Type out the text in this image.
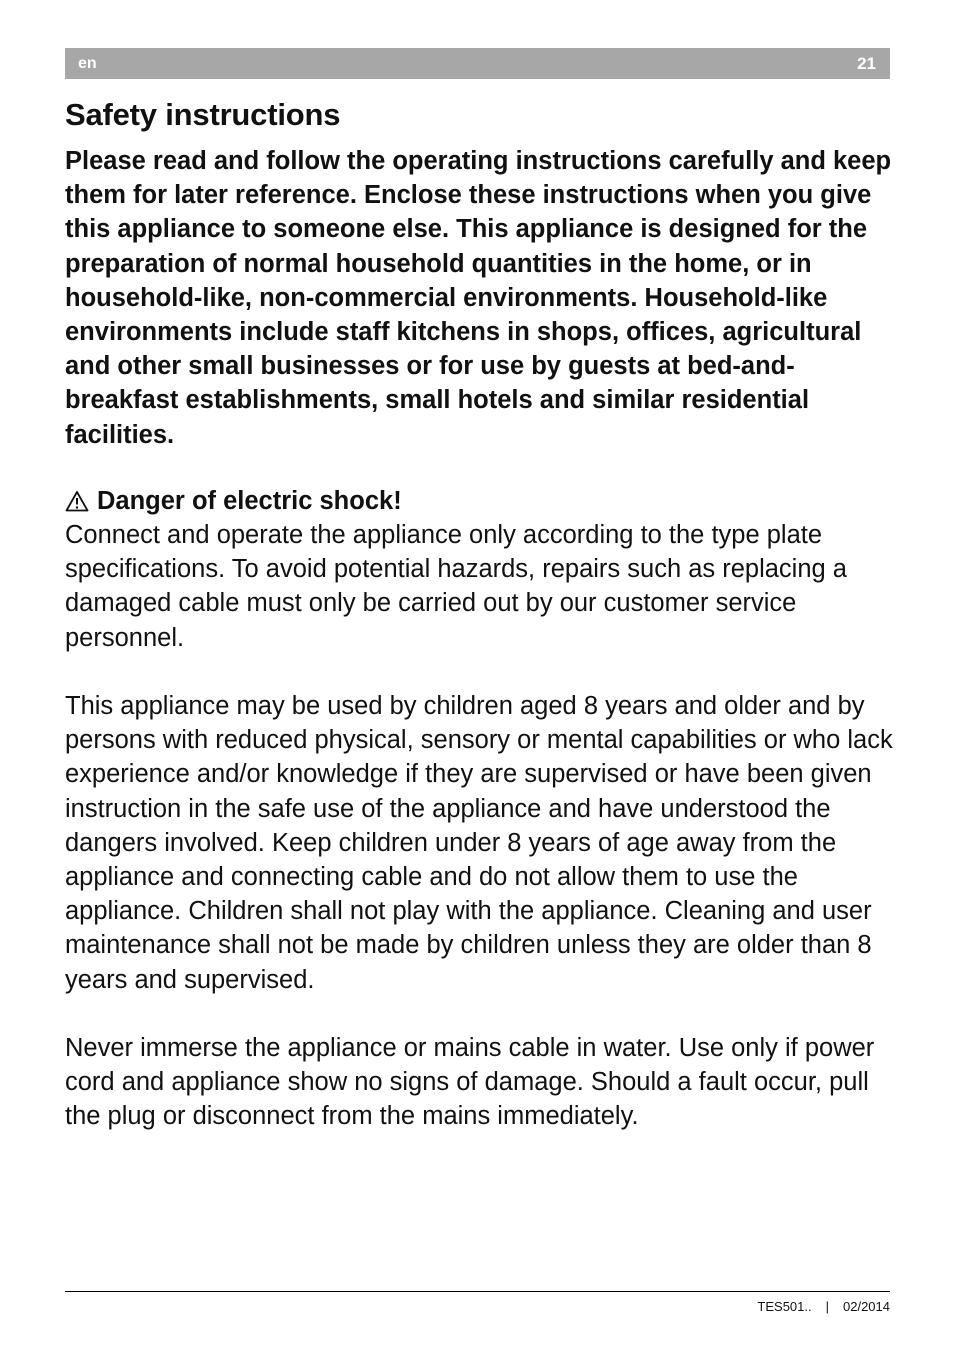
en	21
Safety instructions

Please read and follow the operating instructions carefully and keep them for later reference. Enclose these instructions when you give this appliance to someone else. This appliance is designed for the preparation of normal household quantities in the home, or in household-like, non-commercial environments. Household-like environments include staff kitchens in shops, offices, agricultural and other small businesses or for use by guests at bed-and-breakfast establishments, small hotels and similar residential facilities.

Danger of electric shock!

Connect and operate the appliance only according to the type plate specifications. To avoid potential hazards, repairs such as replacing a damaged cable must only be carried out by our customer service personnel.

This appliance may be used by children aged 8 years and older and by persons with reduced physical, sensory or mental capabilities or who lack experience and/or knowledge if they are supervised or have been given instruction in the safe use of the appliance and have understood the dangers involved. Keep children under 8 years of age away from the appliance and connecting cable and do not allow them to use the appliance. Children shall not play with the appliance. Cleaning and user maintenance shall not be made by children unless they are older than 8 years and supervised.

Never immerse the appliance or mains cable in water. Use only if power cord and appliance show no signs of damage. Should a fault occur, pull the plug or disconnect from the mains immediately.

TES501.. | 02/2014
